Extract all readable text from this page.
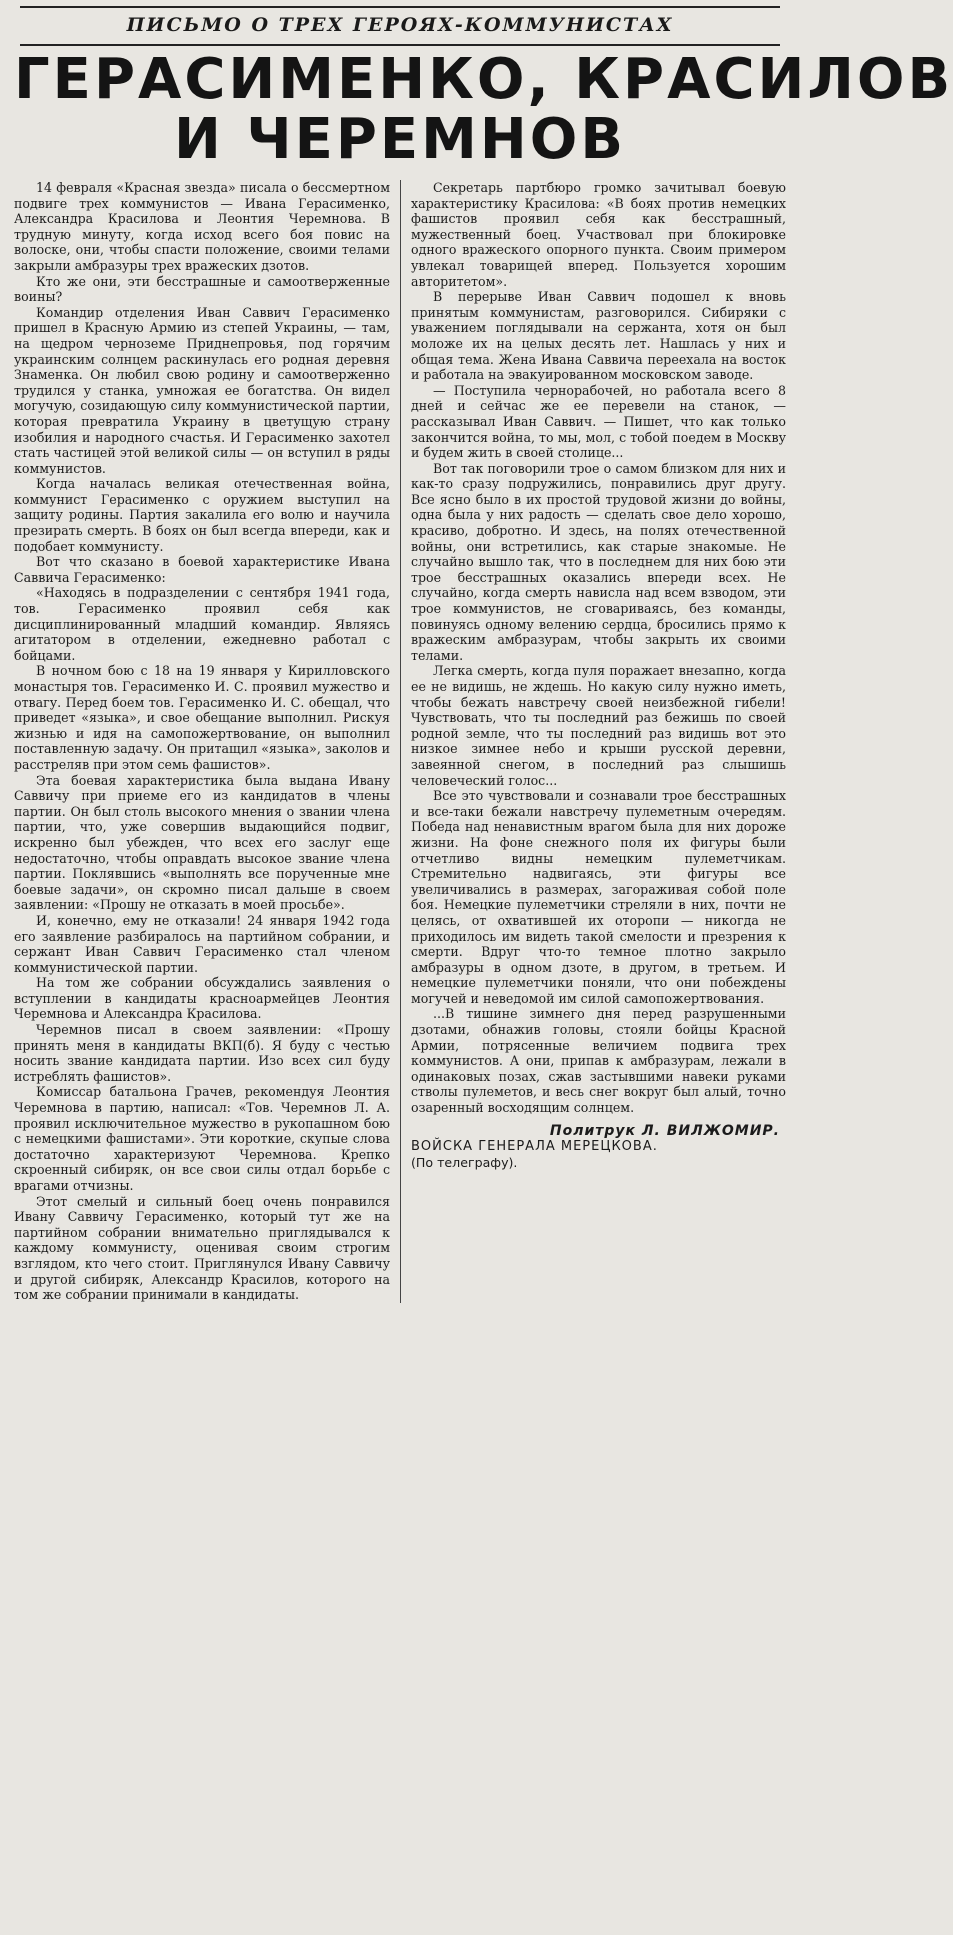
ПИСЬМО О ТРЕХ ГЕРОЯХ-КОММУНИСТАХ
ГЕРАСИМЕНКО, КРАСИЛОВ
И ЧЕРЕМНОВ

14 февраля «Красная звезда» писала о бессмертном подвиге трех коммунистов — Ивана Герасименко, Александра Красилова и Леонтия Черемнова. В трудную минуту, когда исход всего боя повис на волоске, они, чтобы спасти положение, своими телами закрыли амбразуры трех вражеских дзотов.

Кто же они, эти бесстрашные и самоотверженные воины?

Командир отделения Иван Саввич Герасименко пришел в Красную Армию из степей Украины, — там, на щедром черноземе Приднепровья, под горячим украинским солнцем раскинулась его родная деревня Знаменка. Он любил свою родину и самоотверженно трудился у станка, умножая ее богатства. Он видел могучую, созидающую силу коммунистической партии, которая превратила Украину в цветущую страну изобилия и народного счастья. И Герасименко захотел стать частицей этой великой силы — он вступил в ряды коммунистов.

Когда началась великая отечественная война, коммунист Герасименко с оружием выступил на защиту родины. Партия закалила его волю и научила презирать смерть. В боях он был всегда впереди, как и подобает коммунисту.

Вот что сказано в боевой характеристике Ивана Саввича Герасименко:

«Находясь в подразделении с сентября 1941 года, тов. Герасименко проявил себя как дисциплинированный младший командир. Являясь агитатором в отделении, ежедневно работал с бойцами.

В ночном бою с 18 на 19 января у Кирилловского монастыря тов. Герасименко И. С. проявил мужество и отвагу. Перед боем тов. Герасименко И. С. обещал, что приведет «языка», и свое обещание выполнил. Рискуя жизнью и идя на самопожертвование, он выполнил поставленную задачу. Он притащил «языка», заколов и расстреляв при этом семь фашистов».

Эта боевая характеристика была выдана Ивану Саввичу при приеме его из кандидатов в члены партии. Он был столь высокого мнения о звании члена партии, что, уже совершив выдающийся подвиг, искренно был убежден, что всех его заслуг еще недостаточно, чтобы оправдать высокое звание члена партии. Поклявшись «выполнять все порученные мне боевые задачи», он скромно писал дальше в своем заявлении: «Прошу не отказать в моей просьбе».

И, конечно, ему не отказали! 24 января 1942 года его заявление разбиралось на партийном собрании, и сержант Иван Саввич Герасименко стал членом коммунистической партии.

На том же собрании обсуждались заявления о вступлении в кандидаты красноармейцев Леонтия Черемнова и Александра Красилова.

Черемнов писал в своем заявлении: «Прошу принять меня в кандидаты ВКП(б). Я буду с честью носить звание кандидата партии. Изо всех сил буду истреблять фашистов».

Комиссар батальона Грачев, рекомендуя Леонтия Черемнова в партию, написал: «Тов. Черемнов Л. А. проявил исключительное мужество в рукопашном бою с немецкими фашистами». Эти короткие, скупые слова достаточно характеризуют Черемнова. Крепко скроенный сибиряк, он все свои силы отдал борьбе с врагами отчизны.

Этот смелый и сильный боец очень понравился Ивану Саввичу Герасименко, который тут же на партийном собрании внимательно приглядывался к каждому коммунисту, оценивая своим строгим взглядом, кто чего стоит. Приглянулся Ивану Саввичу и другой сибиряк, Александр Красилов, которого на том же собрании принимали в кандидаты.

Секретарь партбюро громко зачитывал боевую характеристику Красилова: «В боях против немецких фашистов проявил себя как бесстрашный, мужественный боец. Участвовал при блокировке одного вражеского опорного пункта. Своим примером увлекал товарищей вперед. Пользуется хорошим авторитетом».

В перерыве Иван Саввич подошел к вновь принятым коммунистам, разговорился. Сибиряки с уважением поглядывали на сержанта, хотя он был моложе их на целых десять лет. Нашлась у них и общая тема. Жена Ивана Саввича переехала на восток и работала на эвакуированном московском заводе.

— Поступила чернорабочей, но работала всего 8 дней и сейчас же ее перевели на станок, — рассказывал Иван Саввич. — Пишет, что как только закончится война, то мы, мол, с тобой поедем в Москву и будем жить в своей столице...

Вот так поговорили трое о самом близком для них и как-то сразу подружились, понравились друг другу. Все ясно было в их простой трудовой жизни до войны, одна была у них радость — сделать свое дело хорошо, красиво, добротно. И здесь, на полях отечественной войны, они встретились, как старые знакомые. Не случайно вышло так, что в последнем для них бою эти трое бесстрашных оказались впереди всех. Не случайно, когда смерть нависла над всем взводом, эти трое коммунистов, не сговариваясь, без команды, повинуясь одному велению сердца, бросились прямо к вражеским амбразурам, чтобы закрыть их своими телами.

Легка смерть, когда пуля поражает внезапно, когда ее не видишь, не ждешь. Но какую силу нужно иметь, чтобы бежать навстречу своей неизбежной гибели! Чувствовать, что ты последний раз бежишь по своей родной земле, что ты последний раз видишь вот это низкое зимнее небо и крыши русской деревни, завеянной снегом, в последний раз слышишь человеческий голос...

Все это чувствовали и сознавали трое бесстрашных и все-таки бежали навстречу пулеметным очередям. Победа над ненавистным врагом была для них дороже жизни. На фоне снежного поля их фигуры были отчетливо видны немецким пулеметчикам. Стремительно надвигаясь, эти фигуры все увеличивались в размерах, загораживая собой поле боя. Немецкие пулеметчики стреляли в них, почти не целясь, от охватившей их оторопи — никогда не приходилось им видеть такой смелости и презрения к смерти. Вдруг что-то темное плотно закрыло амбразуры в одном дзоте, в другом, в третьем. И немецкие пулеметчики поняли, что они побеждены могучей и неведомой им силой самопожертвования.

...В тишине зимнего дня перед разрушенными дзотами, обнажив головы, стояли бойцы Красной Армии, потрясенные величием подвига трех коммунистов. А они, припав к амбразурам, лежали в одинаковых позах, сжав застывшими навеки руками стволы пулеметов, и весь снег вокруг был алый, точно озаренный восходящим солнцем.

Политрук Л. ВИЛЖОМИР.

ВОЙСКА ГЕНЕРАЛА МЕРЕЦКОВА.

(По телеграфу).
